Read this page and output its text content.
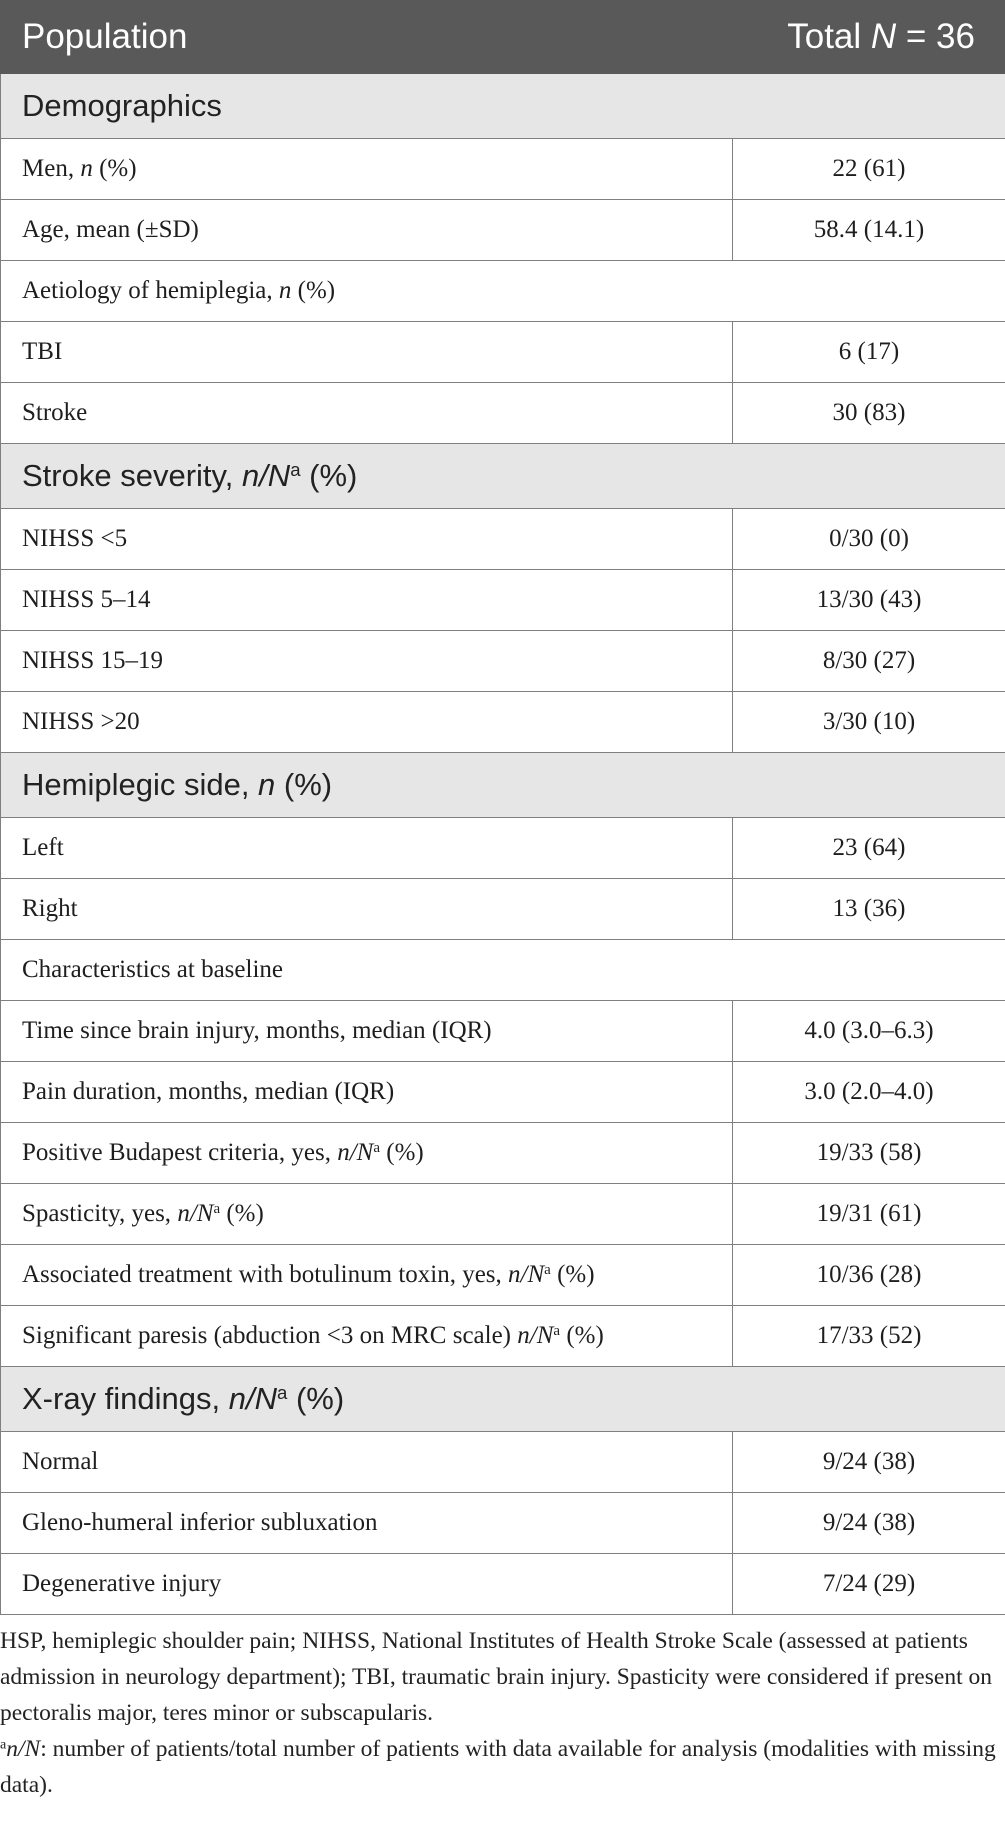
Population	Total N = 36
Demographics	
Men, n (%)	22 (61)
Age, mean (±SD)	58.4 (14.1)
Aetiology of hemiplegia, n (%)	
TBI	6 (17)
Stroke	30 (83)
Stroke severity, $n/N^a$ (%)	
NIHSS <5	0/30 (0)
NIHSS 5–14	13/30 (43)
NIHSS 15–19	8/30 (27)
NIHSS >20	3/30 (10)
Hemiplegic side, n (%)	
Left	23 (64)
Right	13 (36)
Characteristics at baseline	
Time since brain injury, months, median (IQR)	4.0 (3.0–6.3)
Pain duration, months, median (IQR)	3.0 (2.0–4.0)
Positive Budapest criteria, yes, $n/N^a$ (%)	19/33 (58)
Spasticity, yes, $n/N^a$ (%)	19/31 (61)
Associated treatment with botulinum toxin, yes, $n/N^a$ (%)	10/36 (28)
Significant paresis (abduction <3 on MRC scale) $n/N^a$ (%)	17/33 (52)
X-ray findings, $n/N^a$ (%)	
Normal	9/24 (38)
Gleno-humeral inferior subluxation	9/24 (38)
Degenerative injury	7/24 (29)

HSP, hemiplegic shoulder pain; NIHSS, National Institutes of Health Stroke Scale (assessed at patients admission in neurology department); TBI, traumatic brain injury. Spasticity were considered if present on pectoralis major, teres minor or subscapularis.

$^a$n/N: number of patients/total number of patients with data available for analysis (modalities with missing data).
